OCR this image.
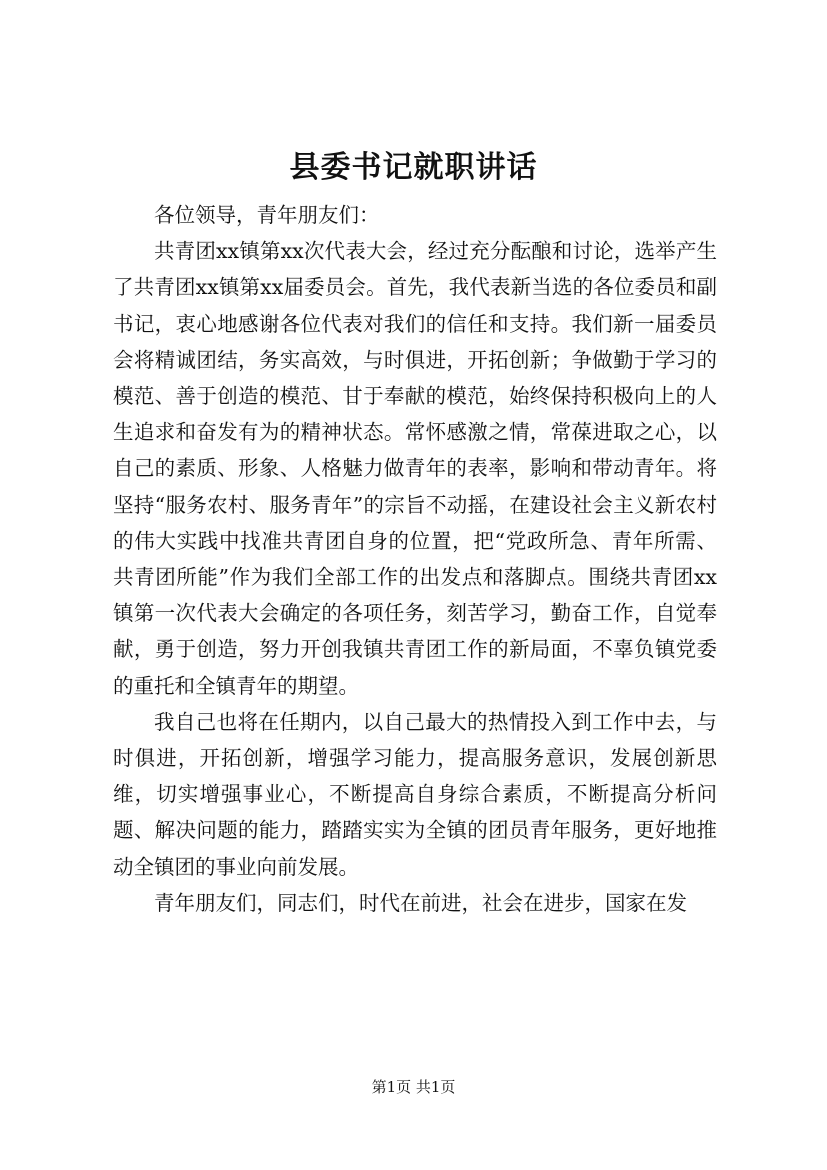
县委书记就职讲话

各位领导，青年朋友们：

共青团xx镇第xx次代表大会，经过充分酝酿和讨论，选举产生了共青团xx镇第xx届委员会。首先，我代表新当选的各位委员和副书记，衷心地感谢各位代表对我们的信任和支持。我们新一届委员会将精诚团结，务实高效，与时俱进，开拓创新；争做勤于学习的模范、善于创造的模范、甘于奉献的模范，始终保持积极向上的人生追求和奋发有为的精神状态。常怀感激之情，常葆进取之心，以自己的素质、形象、人格魅力做青年的表率，影响和带动青年。将坚持“服务农村、服务青年”的宗旨不动摇，在建设社会主义新农村的伟大实践中找准共青团自身的位置，把“党政所急、青年所需、共青团所能”作为我们全部工作的出发点和落脚点。围绕共青团xx镇第一次代表大会确定的各项任务，刻苦学习，勤奋工作，自觉奉献，勇于创造，努力开创我镇共青团工作的新局面，不辜负镇党委的重托和全镇青年的期望。

我自己也将在任期内，以自己最大的热情投入到工作中去，与时俱进，开拓创新，增强学习能力，提高服务意识，发展创新思维，切实增强事业心，不断提高自身综合素质，不断提高分析问题、解决问题的能力，踏踏实实为全镇的团员青年服务，更好地推动全镇团的事业向前发展。

青年朋友们，同志们，时代在前进，社会在进步，国家在发

第1页 共1页
